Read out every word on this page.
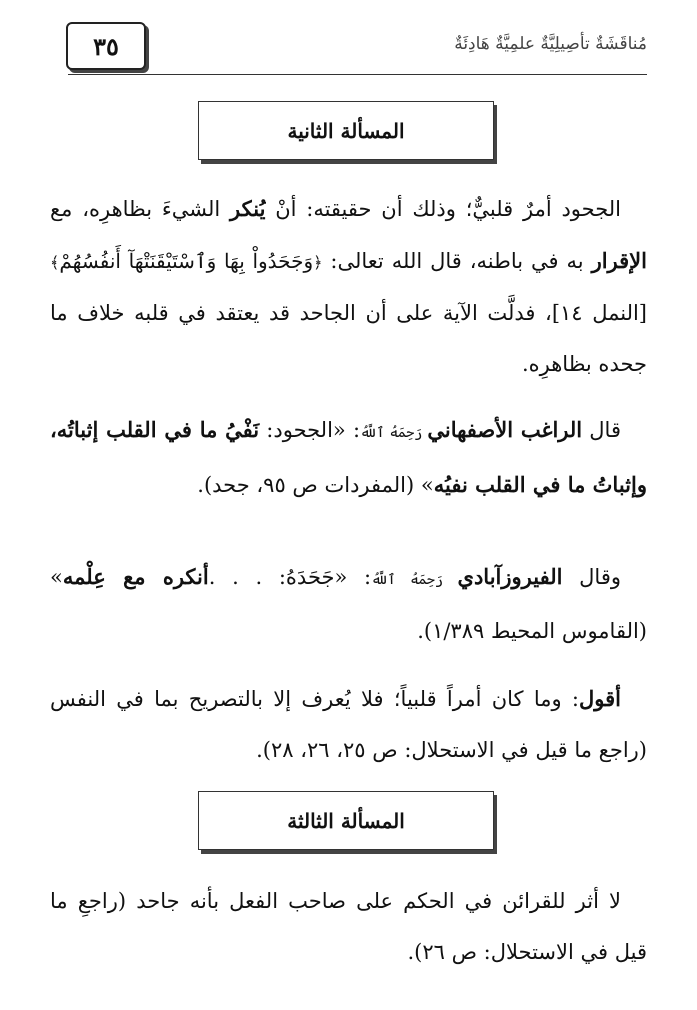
٣٥	مُناقَشَةٌ تأصِيلِيَّةٌ علمِيَّةٌ هَادِئَةٌ
المسألة الثانية
الجحود أمرٌ قلبيٌّ؛ وذلك أن حقيقته: أنْ يُنكر الشيءَ بظاهرِه، مع الإقرار به في باطنه، قال الله تعالى: ﴿وَجَحَدُواْ بِهَا وَٱسْتَيْقَنَتْهَآ أَنفُسُهُمْ﴾ [النمل ١٤]، فدلَّت الآية على أن الجاحد قد يعتقد في قلبه خلاف ما جحده بظاهرِه.
قال الراغب الأصفهاني رَحِمَهُ ٱللَّهُ: «الجحود: نَفْيُ ما في القلب إثباتُه، وإثباتُ ما في القلب نفيُه» (المفردات ص ٩٥، جحد).
وقال الفيروزآبادي رَحِمَهُ ٱللَّهُ: «جَحَدَهُ: . . .أنكره مع عِلْمه» (القاموس المحيط ١/٣٨٩).
أقول: وما كان أمراً قلبياً؛ فلا يُعرف إلا بالتصريح بما في النفس (راجع ما قيل في الاستحلال: ص ٢٥، ٢٦، ٢٨).
المسألة الثالثة
لا أثر للقرائن في الحكم على صاحب الفعل بأنه جاحد (راجعِ ما قيل في الاستحلال: ص ٢٦).
